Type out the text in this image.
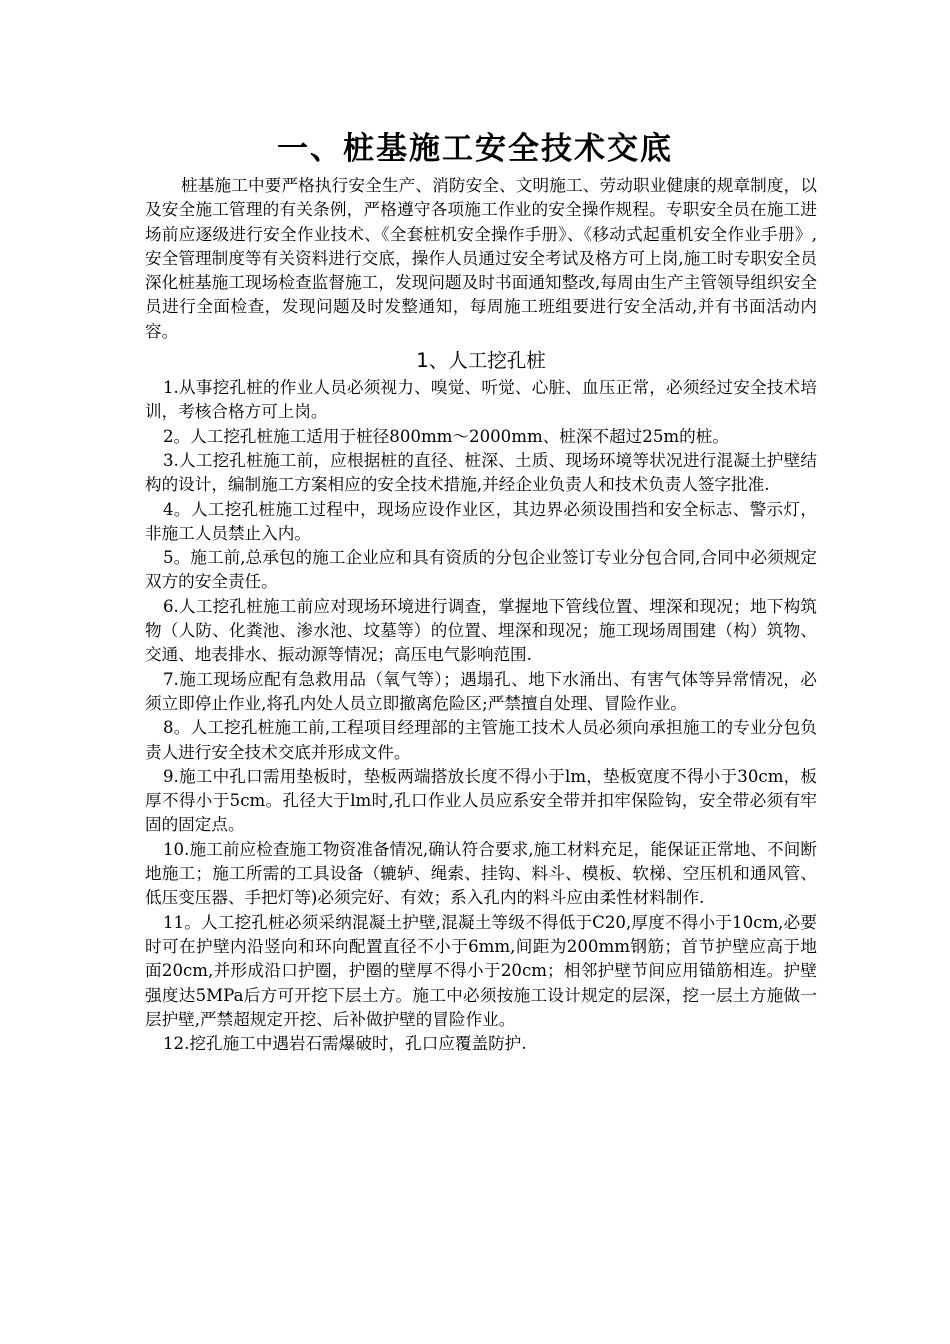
一、桩基施工安全技术交底

桩基施工中要严格执行安全生产、消防安全、文明施工、劳动职业健康的规章制度，以及安全施工管理的有关条例，严格遵守各项施工作业的安全操作规程。专职安全员在施工进场前应逐级进行安全作业技术、《全套桩机安全操作手册》、《移动式起重机安全作业手册》,安全管理制度等有关资料进行交底，操作人员通过安全考试及格方可上岗,施工时专职安全员深化桩基施工现场检查监督施工，发现问题及时书面通知整改,每周由生产主管领导组织安全员进行全面检查，发现问题及时发整通知，每周施工班组要进行安全活动,并有书面活动内容。

1、人工挖孔桩

1.从事挖孔桩的作业人员必须视力、嗅觉、听觉、心脏、血压正常，必须经过安全技术培训，考核合格方可上岗。

2。人工挖孔桩施工适用于桩径800mm～2000mm、桩深不超过25m的桩。

3.人工挖孔桩施工前，应根据桩的直径、桩深、土质、现场环境等状况进行混凝土护壁结构的设计，编制施工方案相应的安全技术措施,并经企业负责人和技术负责人签字批准.

4。人工挖孔桩施工过程中，现场应设作业区，其边界必须设围挡和安全标志、警示灯，非施工人员禁止入内。

5。施工前,总承包的施工企业应和具有资质的分包企业签订专业分包合同,合同中必须规定双方的安全责任。

6.人工挖孔桩施工前应对现场环境进行调查，掌握地下管线位置、埋深和现况；地下构筑物（人防、化粪池、渗水池、坟墓等）的位置、埋深和现况；施工现场周围建（构）筑物、交通、地表排水、振动源等情况；高压电气影响范围.

7.施工现场应配有急救用品（氧气等）；遇塌孔、地下水涌出、有害气体等异常情况，必须立即停止作业,将孔内处人员立即撤离危险区;严禁擅自处理、冒险作业。

8。人工挖孔桩施工前,工程项目经理部的主管施工技术人员必须向承担施工的专业分包负责人进行安全技术交底并形成文件。

9.施工中孔口需用垫板时，垫板两端搭放长度不得小于lm，垫板宽度不得小于30cm，板厚不得小于5cm。孔径大于lm时,孔口作业人员应系安全带并扣牢保险钩，安全带必须有牢固的固定点。

10.施工前应检查施工物资准备情况,确认符合要求,施工材料充足，能保证正常地、不间断地施工；施工所需的工具设备（辘轳、绳索、挂钩、料斗、模板、软梯、空压机和通风管、低压变压器、手把灯等)必须完好、有效；系入孔内的料斗应由柔性材料制作.

11。人工挖孔桩必须采纳混凝土护壁,混凝土等级不得低于C20,厚度不得小于10cm,必要时可在护壁内沿竖向和环向配置直径不小于6mm,间距为200mm钢筋；首节护壁应高于地面20cm,并形成沿口护圈，护圈的壁厚不得小于20cm；相邻护壁节间应用锚筋相连。护壁强度达5MPa后方可开挖下层土方。施工中必须按施工设计规定的层深，挖一层土方施做一层护壁,严禁超规定开挖、后补做护壁的冒险作业。

12.挖孔施工中遇岩石需爆破时，孔口应覆盖防护.
